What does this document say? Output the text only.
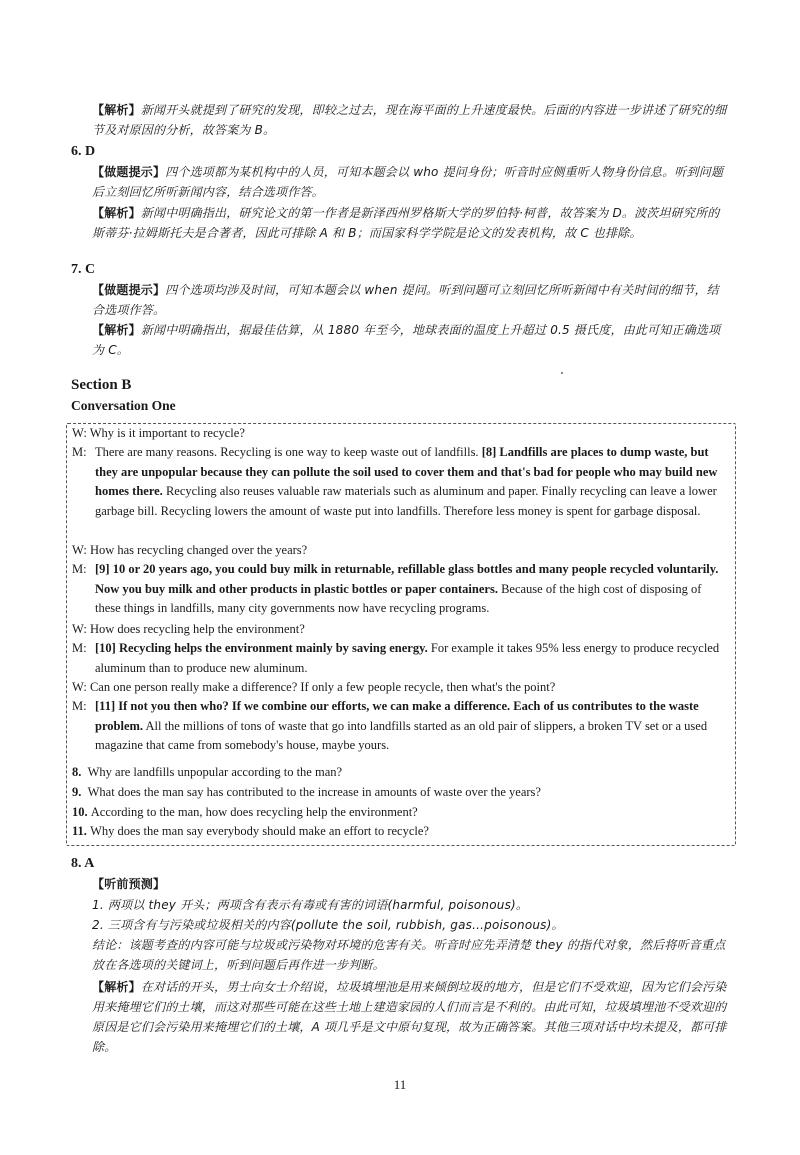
【解析】新闻开头就提到了研究的发现，即较之过去，现在海平面的上升速度最快。后面的内容进一步讲述了研究的细节及对原因的分析，故答案为 B。
6. D
【做题提示】四个选项都为某机构中的人员，可知本题会以 who 提问身份；听音时应侧重听人物身份信息。听到问题后立刻回忆所听新闻内容，结合选项作答。
【解析】新闻中明确指出，研究论文的第一作者是新泽西州罗格斯大学的罗伯特·柯普，故答案为 D。波茨坦研究所的斯蒂芬·拉姆斯托夫是合著者，因此可排除 A 和 B；而国家科学学院是论文的发表机构，故 C 也排除。
7. C
【做题提示】四个选项均涉及时间，可知本题会以 when 提问。听到问题可立刻回忆所听新闻中有关时间的细节，结合选项作答。
【解析】新闻中明确指出，据最佳估算，从 1880 年至今，地球表面的温度上升超过 0.5 摄氏度，由此可知正确选项为 C。
Section B
Conversation One
W: Why is it important to recycle?
M: There are many reasons. Recycling is one way to keep waste out of landfills. [8] Landfills are places to dump waste, but they are unpopular because they can pollute the soil used to cover them and that's bad for people who may build new homes there. Recycling also reuses valuable raw materials such as aluminum and paper. Finally recycling can leave a lower garbage bill. Recycling lowers the amount of waste put into landfills. Therefore less money is spent for garbage disposal.
W: How has recycling changed over the years?
M: [9] 10 or 20 years ago, you could buy milk in returnable, refillable glass bottles and many people recycled voluntarily. Now you buy milk and other products in plastic bottles or paper containers. Because of the high cost of disposing of these things in landfills, many city governments now have recycling programs.
W: How does recycling help the environment?
M: [10] Recycling helps the environment mainly by saving energy. For example it takes 95% less energy to produce recycled aluminum than to produce new aluminum.
W: Can one person really make a difference? If only a few people recycle, then what's the point?
M: [11] If not you then who? If we combine our efforts, we can make a difference. Each of us contributes to the waste problem. All the millions of tons of waste that go into landfills started as an old pair of slippers, a broken TV set or a used magazine that came from somebody's house, maybe yours.
8. Why are landfills unpopular according to the man?
9. What does the man say has contributed to the increase in amounts of waste over the years?
10. According to the man, how does recycling help the environment?
11. Why does the man say everybody should make an effort to recycle?
8. A
【听前预测】
1. 两项以 they 开头；两项含有表示有毒或有害的词语(harmful, poisonous)。
2. 三项含有与污染或垃圾相关的内容(pollute the soil, rubbish, gas...poisonous)。
结论：该题考查的内容可能与垃圾或污染物对环境的危害有关。听音时应先弄清楚 they 的指代对象，然后将听音重点放在各选项的关键词上，听到问题后再作进一步判断。
【解析】在对话的开头，男士向女士介绍说，垃圾填埋池是用来倾倒垃圾的地方，但是它们不受欢迎，因为它们会污染用来掩埋它们的土壤，而这对那些可能在这些土地上建造家园的人们而言是不利的。由此可知，垃圾填埋池不受欢迎的原因是它们会污染用来掩埋它们的土壤，A 项几乎是文中原句复现，故为正确答案。其他三项对话中均未提及，都可排除。
11
